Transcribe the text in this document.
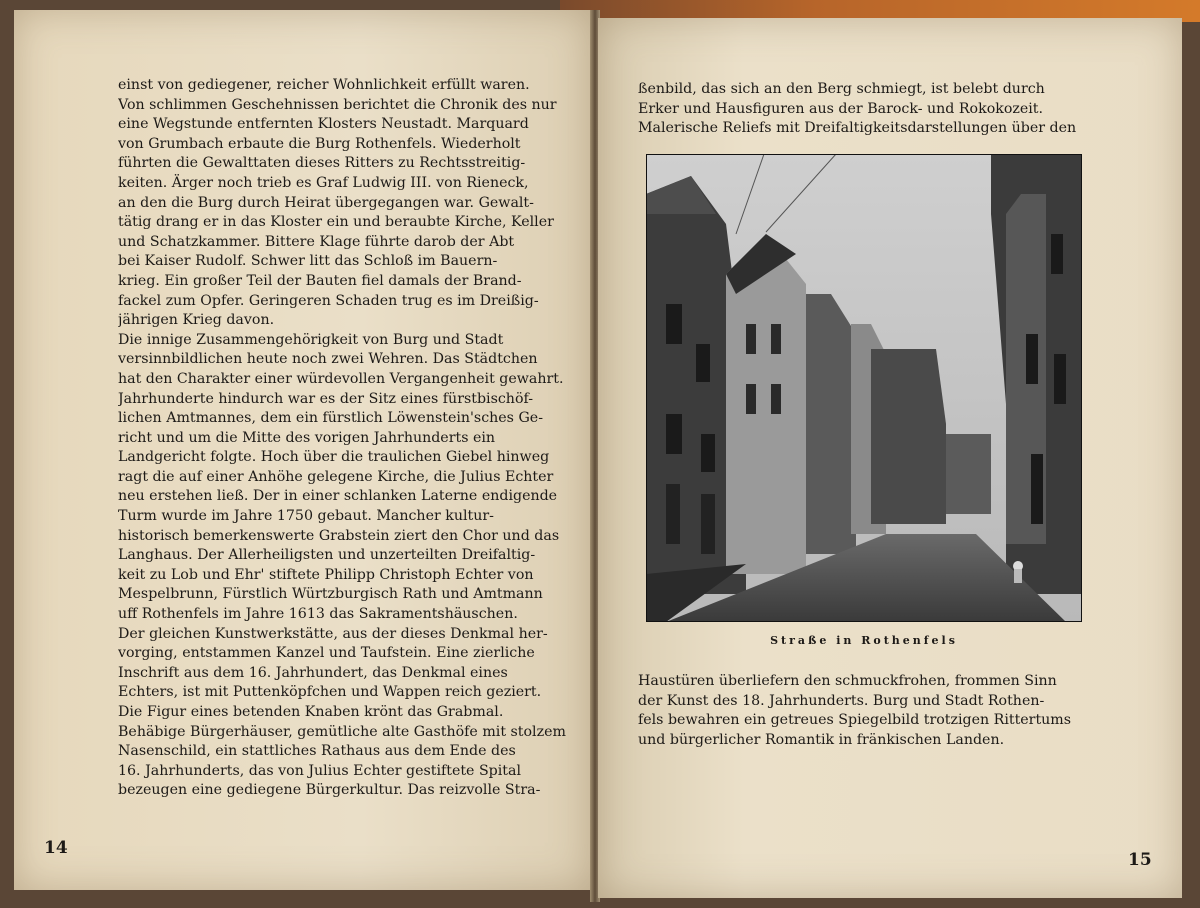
einst von gediegener, reicher Wohnlichkeit erfüllt waren.
Von schlimmen Geschehnissen berichtet die Chronik des nur
eine Wegstunde entfernten Klosters Neustadt. Marquard
von Grumbach erbaute die Burg Rothenfels. Wiederholt
führten die Gewalttaten dieses Ritters zu Rechtsstreitig-
keiten. Ärger noch trieb es Graf Ludwig III. von Rieneck,
an den die Burg durch Heirat übergegangen war. Gewalt-
tätig drang er in das Kloster ein und beraubte Kirche, Keller
und Schatzkammer. Bittere Klage führte darob der Abt
bei Kaiser Rudolf. Schwer litt das Schloß im Bauern-
krieg. Ein großer Teil der Bauten fiel damals der Brand-
fackel zum Opfer. Geringeren Schaden trug es im Dreißig-
jährigen Krieg davon.
Die innige Zusammengehörigkeit von Burg und Stadt
versinnbildlichen heute noch zwei Wehren. Das Städtchen
hat den Charakter einer würdevollen Vergangenheit gewahrt.
Jahrhunderte hindurch war es der Sitz eines fürstbischöf-
lichen Amtmannes, dem ein fürstlich Löwenstein'sches Ge-
richt und um die Mitte des vorigen Jahrhunderts ein
Landgericht folgte. Hoch über die traulichen Giebel hinweg
ragt die auf einer Anhöhe gelegene Kirche, die Julius Echter
neu erstehen ließ. Der in einer schlanken Laterne endigende
Turm wurde im Jahre 1750 gebaut. Mancher kultur-
historisch bemerkenswerte Grabstein ziert den Chor und das
Langhaus. Der Allerheiligsten und unzerteilten Dreifaltig-
keit zu Lob und Ehr' stiftete Philipp Christoph Echter von
Mespelbrunn, Fürstlich Würtzburgisch Rath und Amtmann
uff Rothenfels im Jahre 1613 das Sakramentshäuschen.
Der gleichen Kunstwerkstätte, aus der dieses Denkmal her-
vorging, entstammen Kanzel und Taufstein. Eine zierliche
Inschrift aus dem 16. Jahrhundert, das Denkmal eines
Echters, ist mit Puttenköpfchen und Wappen reich geziert.
Die Figur eines betenden Knaben krönt das Grabmal.
Behäbige Bürgerhäuser, gemütliche alte Gasthöfe mit stolzem
Nasenschild, ein stattliches Rathaus aus dem Ende des
16. Jahrhunderts, das von Julius Echter gestiftete Spital
bezeugen eine gediegene Bürgerkultur. Das reizvolle Stra-
14
ßenbild, das sich an den Berg schmiegt, ist belebt durch
Erker und Hausfiguren aus der Barock- und Rokokozeit.
Malerische Reliefs mit Dreifaltigkeitsdarstellungen über den
Straße in Rothenfels
Haustüren überliefern den schmuckfrohen, frommen Sinn
der Kunst des 18. Jahrhunderts. Burg und Stadt Rothen-
fels bewahren ein getreues Spiegelbild trotzigen Rittertums
und bürgerlicher Romantik in fränkischen Landen.
15
